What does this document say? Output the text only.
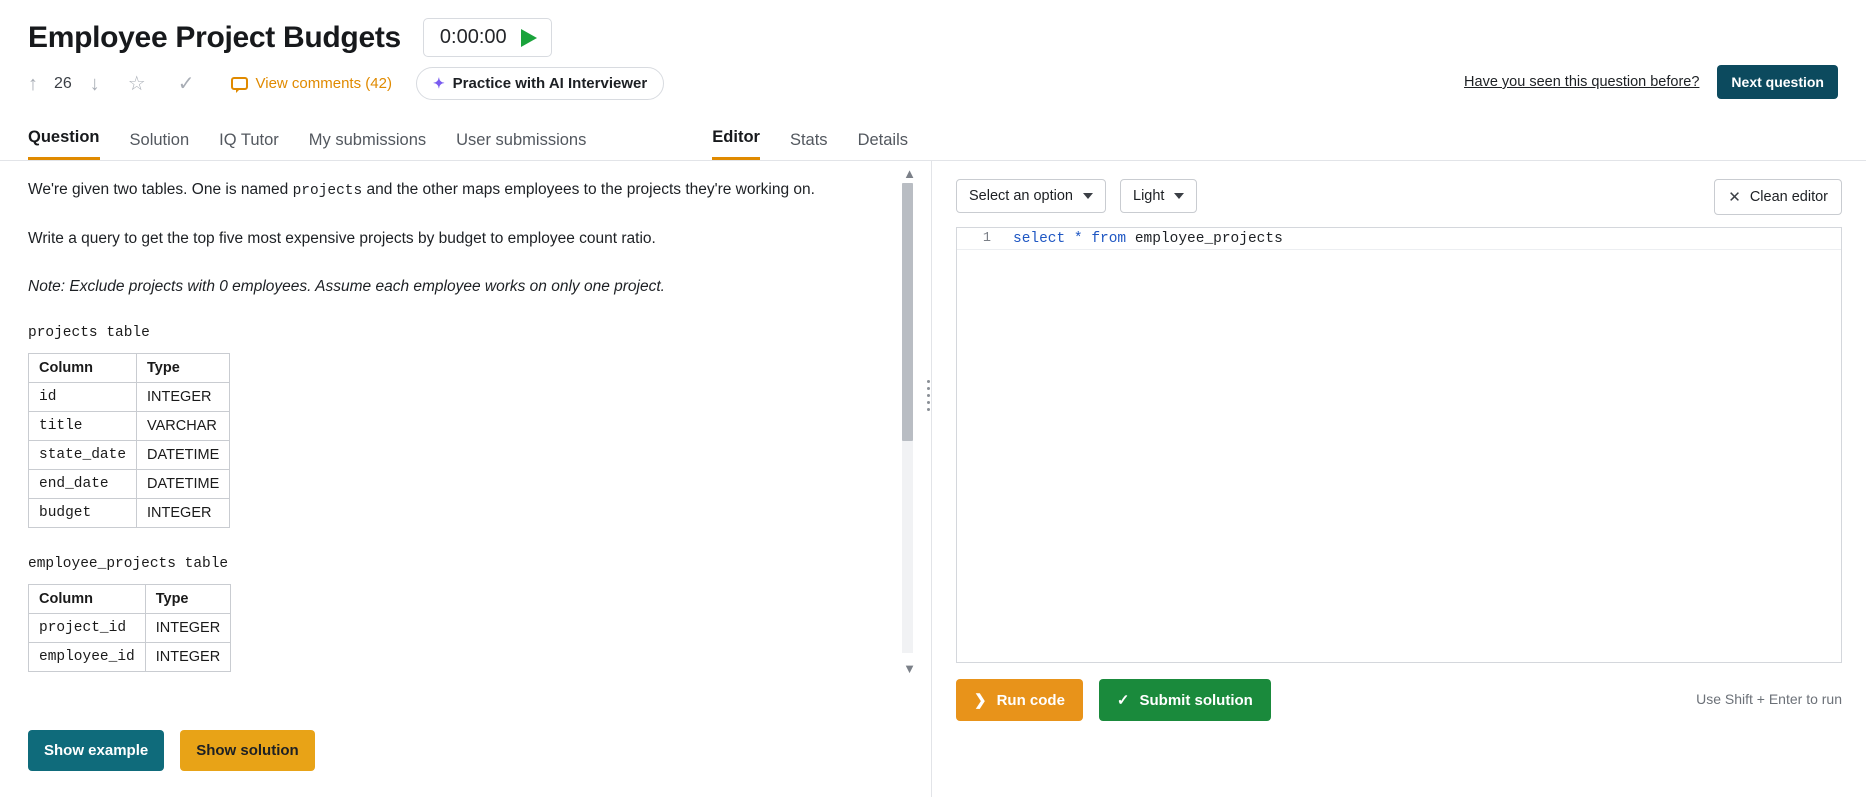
Employee Project Budgets 0:00:00
↑ 26 ↓ ☆ ✓	View comments (42)	✦ Practice with AI Interviewer	Have you seen this question before?	Next question
Question Solution IQ Tutor My submissions User submissions	Editor Stats Details

We're given two tables. One is named projects and the other maps employees to the projects they're working on.

Write a query to get the top five most expensive projects by budget to employee count ratio.

Note: Exclude projects with 0 employees. Assume each employee works on only one project.

projects table

Column	Type
id	INTEGER
title	VARCHAR
state_date	DATETIME
end_date	DATETIME
budget	INTEGER

employee_projects table

Column	Type
project_id	INTEGER
employee_id	INTEGER
▲
▼
Show example	Show solution
Select an option	Light	✕ Clean editor
1	select * from employee_projects
❯ Run code	✓ Submit solution	Use Shift + Enter to run
